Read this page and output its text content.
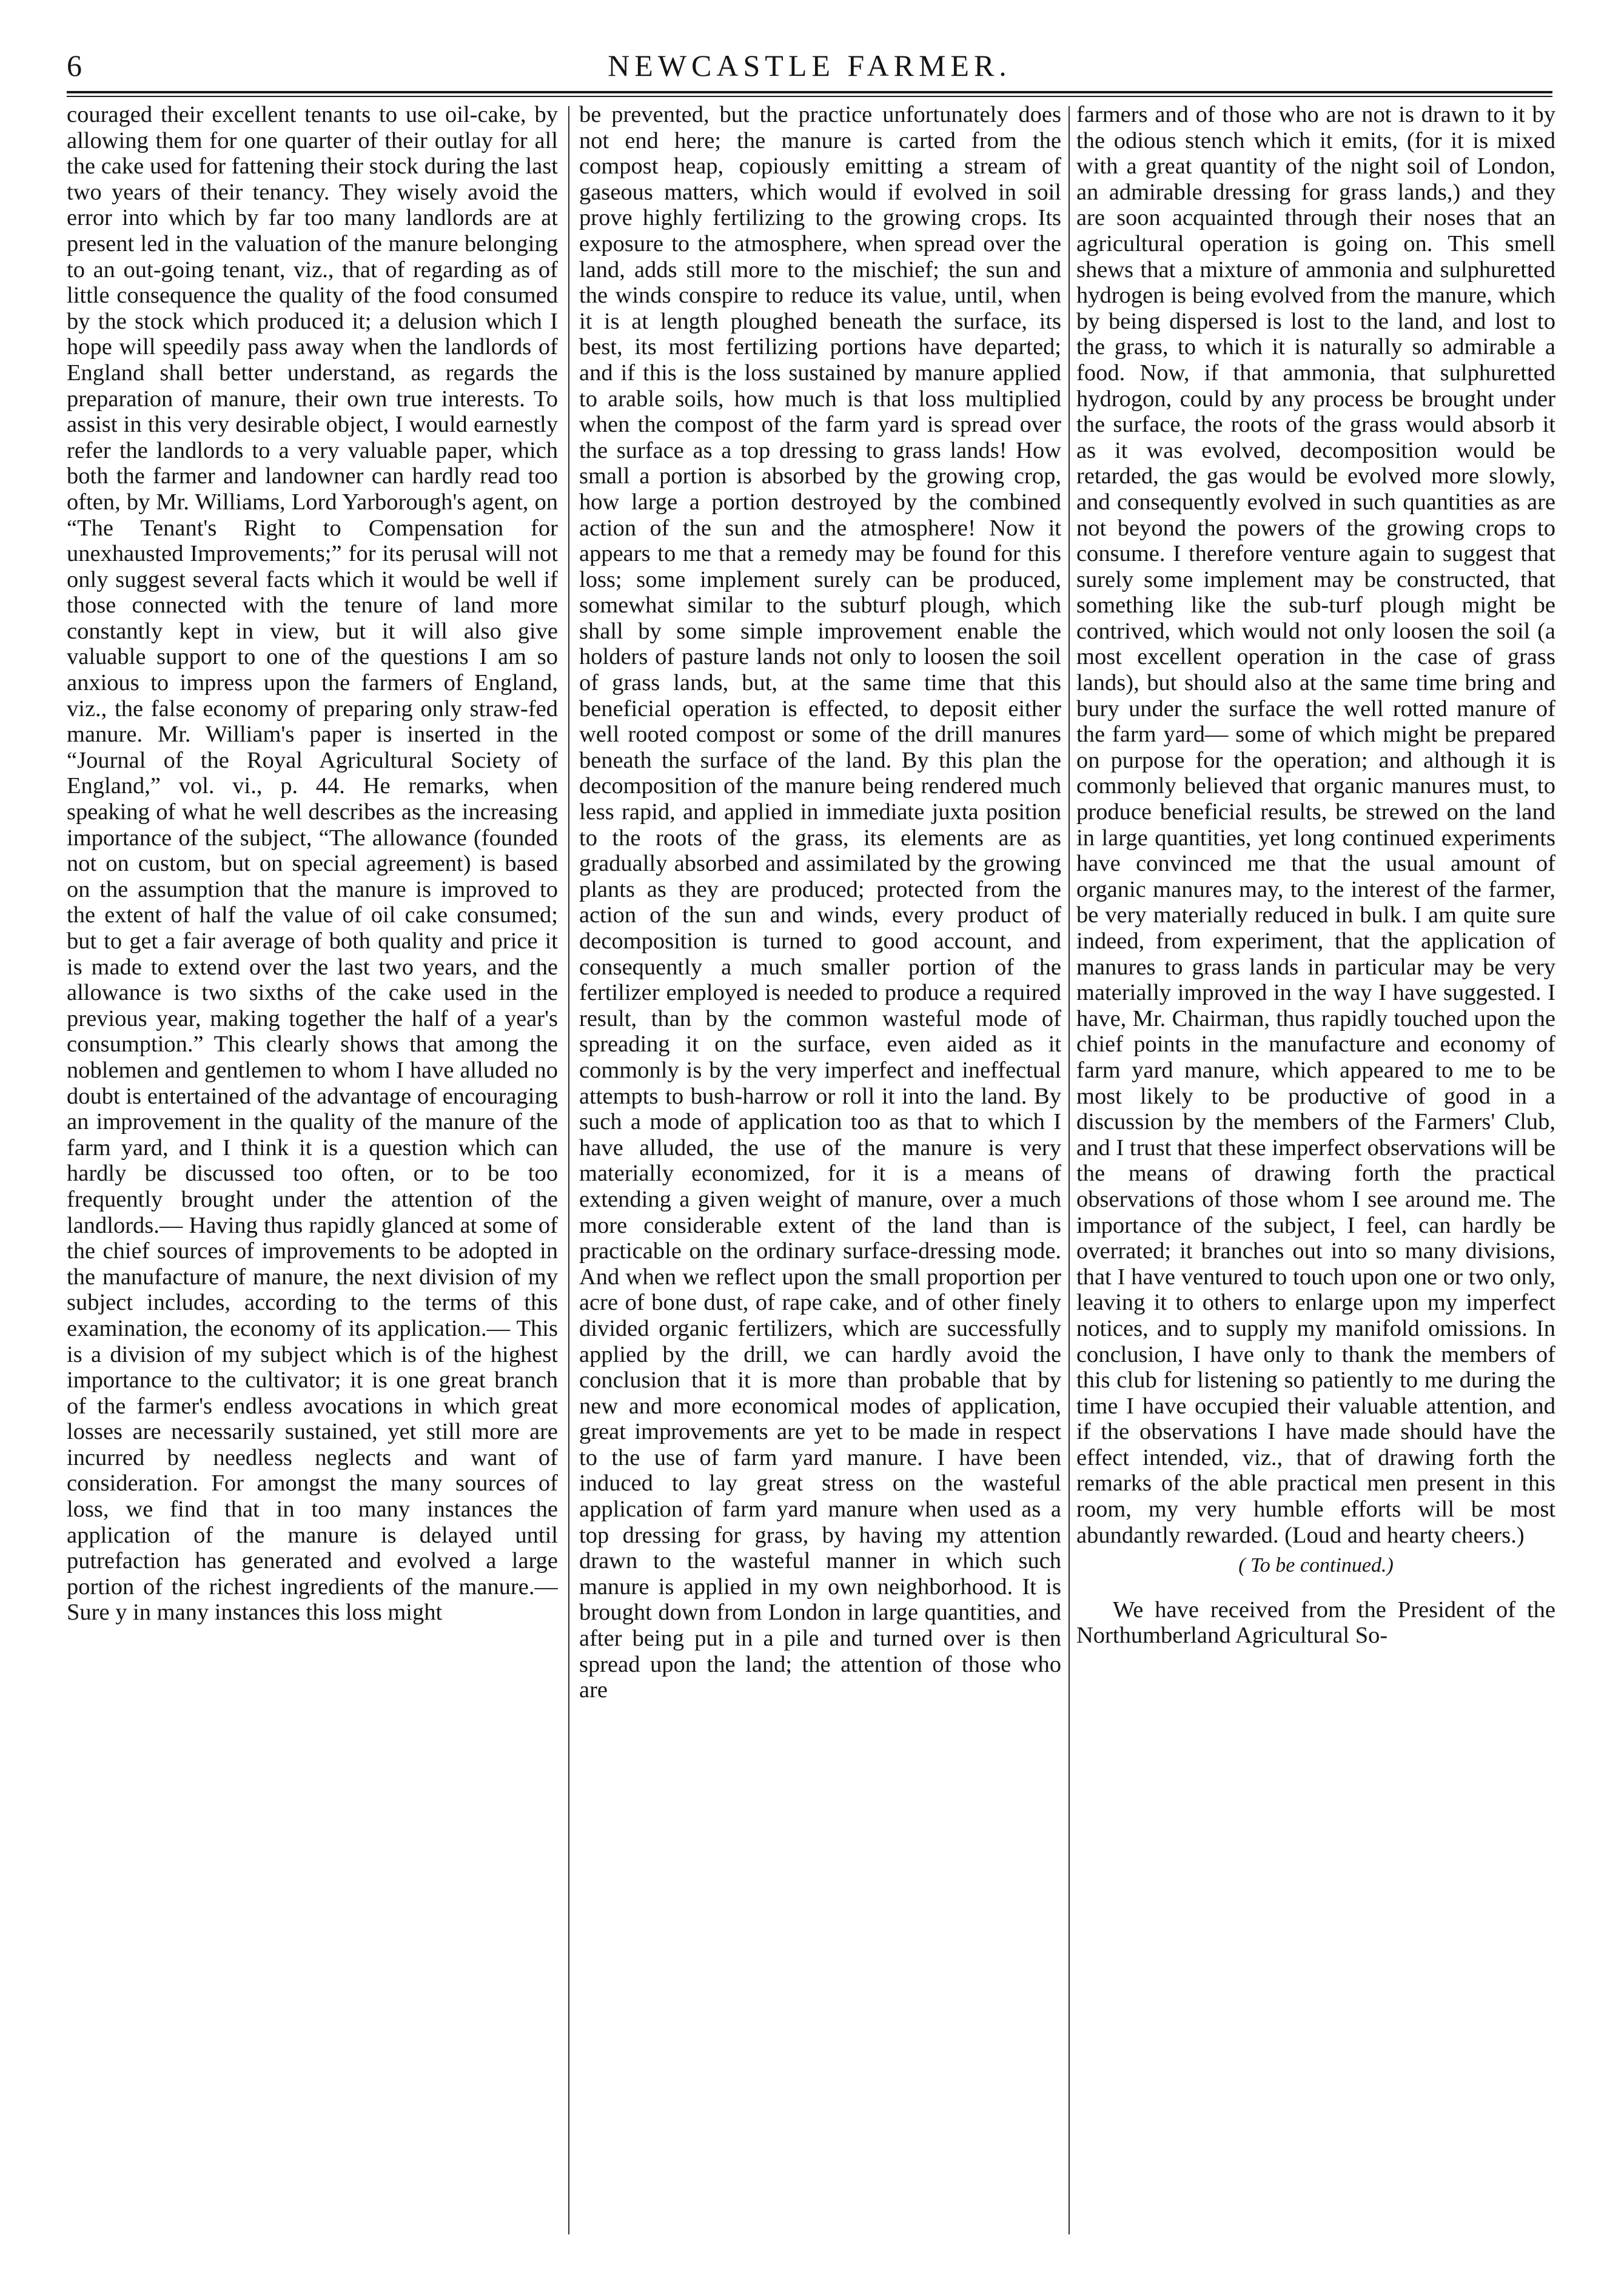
6	NEWCASTLE FARMER.

couraged their excellent tenants to use oil-cake, by allowing them for one quarter of their outlay for all the cake used for fattening their stock during the last two years of their tenancy. They wisely avoid the error into which by far too many landlords are at present led in the valuation of the manure belonging to an out-going tenant, viz., that of regarding as of little consequence the quality of the food consumed by the stock which produced it; a delusion which I hope will speedily pass away when the landlords of England shall better understand, as regards the preparation of manure, their own true interests. To assist in this very desirable object, I would earnestly refer the landlords to a very valuable paper, which both the farmer and landowner can hardly read too often, by Mr. Williams, Lord Yarborough's agent, on “The Tenant's Right to Compensation for unexhausted Improvements;” for its perusal will not only suggest several facts which it would be well if those connected with the tenure of land more constantly kept in view, but it will also give valuable support to one of the questions I am so anxious to impress upon the farmers of England, viz., the false economy of preparing only straw-fed manure. Mr. William's paper is inserted in the “Journal of the Royal Agricultural Society of England,” vol. vi., p. 44. He remarks, when speaking of what he well describes as the increasing importance of the subject, “The allowance (founded not on custom, but on special agreement) is based on the assumption that the manure is improved to the extent of half the value of oil cake consumed; but to get a fair average of both quality and price it is made to extend over the last two years, and the allowance is two sixths of the cake used in the previous year, making together the half of a year's consumption.” This clearly shows that among the noblemen and gentlemen to whom I have alluded no doubt is entertained of the advantage of encouraging an improvement in the quality of the manure of the farm yard, and I think it is a question which can hardly be discussed too often, or to be too frequently brought under the attention of the landlords.— Having thus rapidly glanced at some of the chief sources of improvements to be adopted in the manufacture of manure, the next division of my subject includes, according to the terms of this examination, the economy of its application.— This is a division of my subject which is of the highest importance to the cultivator; it is one great branch of the farmer's endless avocations in which great losses are necessarily sustained, yet still more are incurred by needless neglects and want of consideration. For amongst the many sources of loss, we find that in too many instances the application of the manure is delayed until putrefaction has generated and evolved a large portion of the richest ingredients of the manure.— Sure y in many instances this loss might

be prevented, but the practice unfortunately does not end here; the manure is carted from the compost heap, copiously emitting a stream of gaseous matters, which would if evolved in soil prove highly fertilizing to the growing crops. Its exposure to the atmosphere, when spread over the land, adds still more to the mischief; the sun and the winds conspire to reduce its value, until, when it is at length ploughed beneath the surface, its best, its most fertilizing portions have departed; and if this is the loss sustained by manure applied to arable soils, how much is that loss multiplied when the compost of the farm yard is spread over the surface as a top dressing to grass lands! How small a portion is absorbed by the growing crop, how large a portion destroyed by the combined action of the sun and the atmosphere! Now it appears to me that a remedy may be found for this loss; some implement surely can be produced, somewhat similar to the subturf plough, which shall by some simple improvement enable the holders of pasture lands not only to loosen the soil of grass lands, but, at the same time that this beneficial operation is effected, to deposit either well rooted compost or some of the drill manures beneath the surface of the land. By this plan the decomposition of the manure being rendered much less rapid, and applied in immediate juxta position to the roots of the grass, its elements are as gradually absorbed and assimilated by the growing plants as they are produced; protected from the action of the sun and winds, every product of decomposition is turned to good account, and consequently a much smaller portion of the fertilizer employed is needed to produce a required result, than by the common wasteful mode of spreading it on the surface, even aided as it commonly is by the very imperfect and ineffectual attempts to bush-harrow or roll it into the land. By such a mode of application too as that to which I have alluded, the use of the manure is very materially economized, for it is a means of extending a given weight of manure, over a much more considerable extent of the land than is practicable on the ordinary surface-dressing mode. And when we reflect upon the small proportion per acre of bone dust, of rape cake, and of other finely divided organic fertilizers, which are successfully applied by the drill, we can hardly avoid the conclusion that it is more than probable that by new and more economical modes of application, great improvements are yet to be made in respect to the use of farm yard manure. I have been induced to lay great stress on the wasteful application of farm yard manure when used as a top dressing for grass, by having my attention drawn to the wasteful manner in which such manure is applied in my own neighborhood. It is brought down from London in large quantities, and after being put in a pile and turned over is then spread upon the land; the attention of those who are

farmers and of those who are not is drawn to it by the odious stench which it emits, (for it is mixed with a great quantity of the night soil of London, an admirable dressing for grass lands,) and they are soon acquainted through their noses that an agricultural operation is going on. This smell shews that a mixture of ammonia and sulphuretted hydrogen is being evolved from the manure, which by being dispersed is lost to the land, and lost to the grass, to which it is naturally so admirable a food. Now, if that ammonia, that sulphuretted hydrogon, could by any process be brought under the surface, the roots of the grass would absorb it as it was evolved, decomposition would be retarded, the gas would be evolved more slowly, and consequently evolved in such quantities as are not beyond the powers of the growing crops to consume. I therefore venture again to suggest that surely some implement may be constructed, that something like the sub-turf plough might be contrived, which would not only loosen the soil (a most excellent operation in the case of grass lands), but should also at the same time bring and bury under the surface the well rotted manure of the farm yard— some of which might be prepared on purpose for the operation; and although it is commonly believed that organic manures must, to produce beneficial results, be strewed on the land in large quantities, yet long continued experiments have convinced me that the usual amount of organic manures may, to the interest of the farmer, be very materially reduced in bulk. I am quite sure indeed, from experiment, that the application of manures to grass lands in particular may be very materially improved in the way I have suggested. I have, Mr. Chairman, thus rapidly touched upon the chief points in the manufacture and economy of farm yard manure, which appeared to me to be most likely to be productive of good in a discussion by the members of the Farmers' Club, and I trust that these imperfect observations will be the means of drawing forth the practical observations of those whom I see around me. The importance of the subject, I feel, can hardly be overrated; it branches out into so many divisions, that I have ventured to touch upon one or two only, leaving it to others to enlarge upon my imperfect notices, and to supply my manifold omissions. In conclusion, I have only to thank the members of this club for listening so patiently to me during the time I have occupied their valuable attention, and if the observations I have made should have the effect intended, viz., that of drawing forth the remarks of the able practical men present in this room, my very humble efforts will be most abundantly rewarded. (Loud and hearty cheers.)

( To be continued.)

We have received from the President of the Northumberland Agricultural So-
